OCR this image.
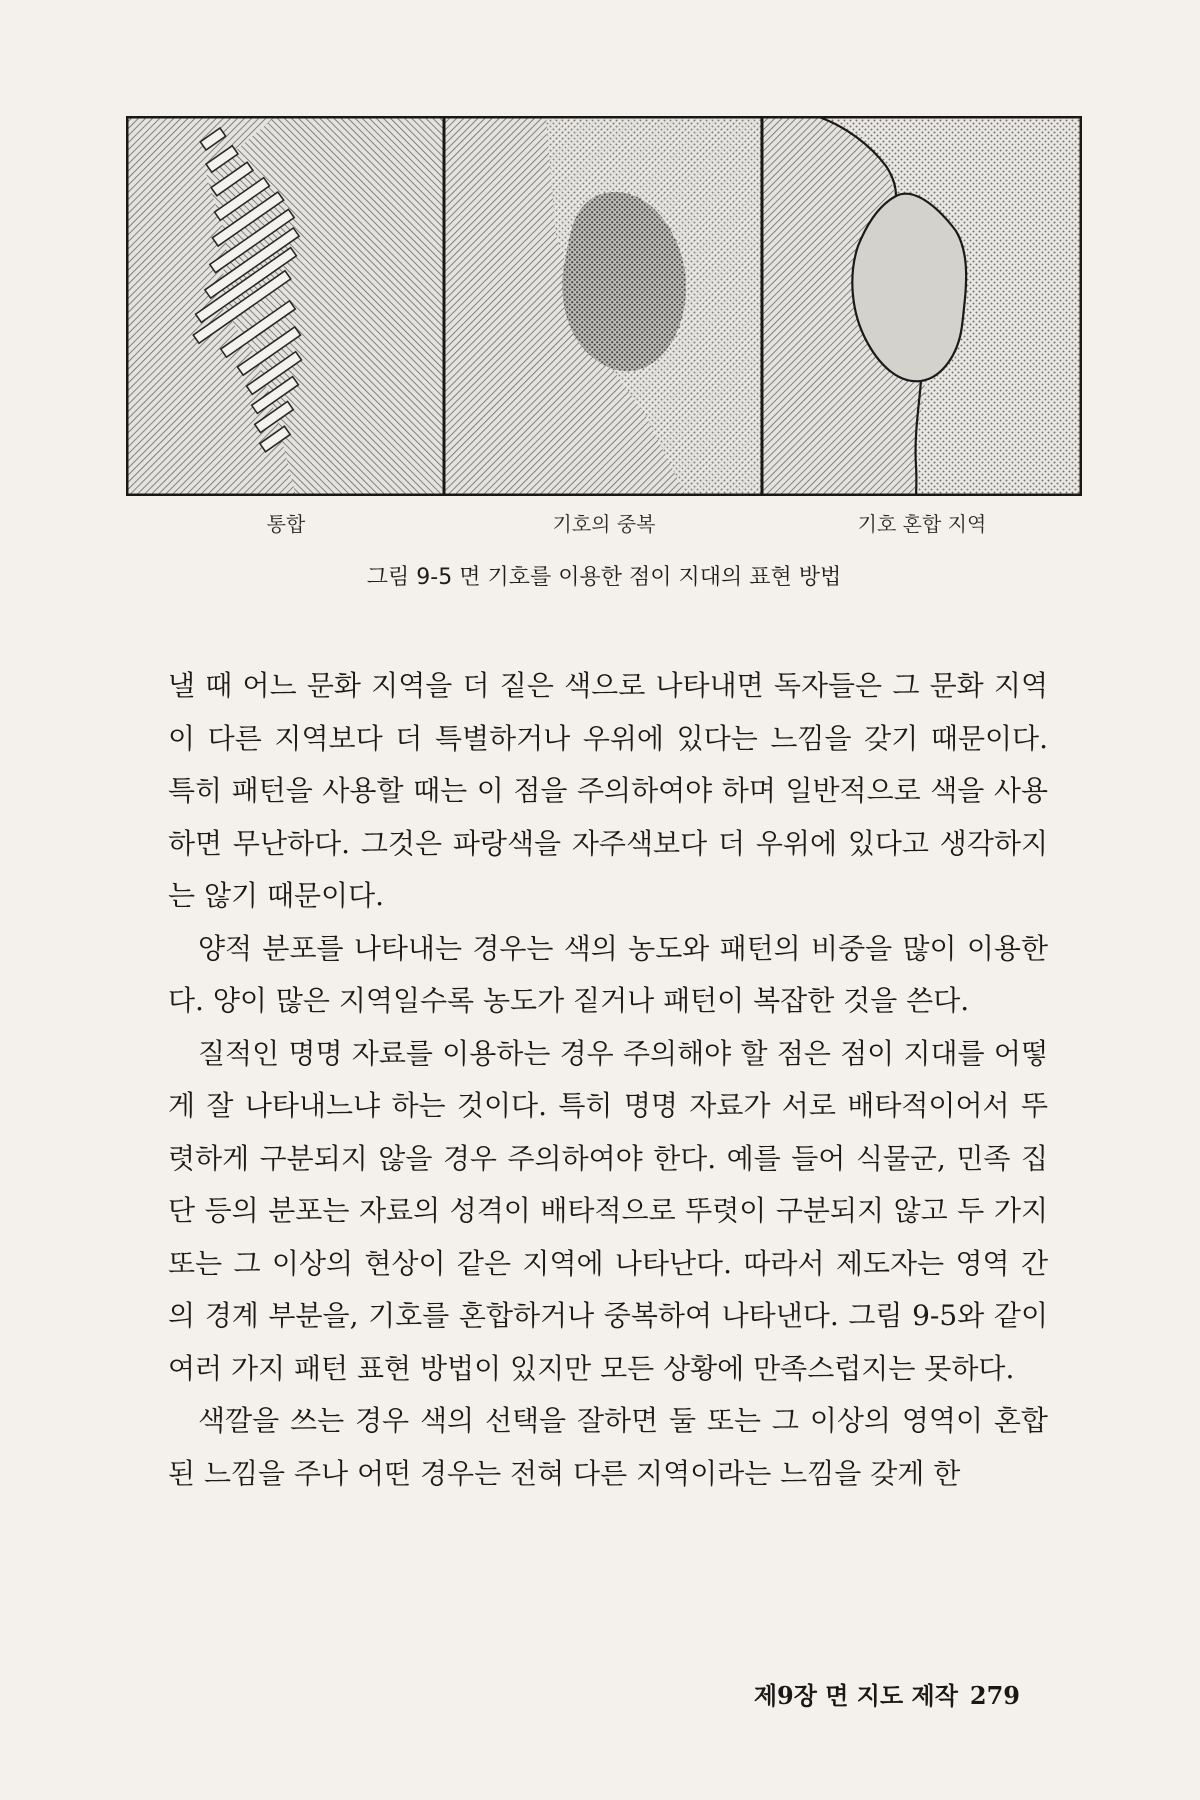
통합	기호의 중복	기호 혼합 지역
그림 9-5 면 기호를 이용한 점이 지대의 표현 방법

낼 때 어느 문화 지역을 더 짙은 색으로 나타내면 독자들은 그 문화 지역이 다른 지역보다 더 특별하거나 우위에 있다는 느낌을 갖기 때문이다. 특히 패턴을 사용할 때는 이 점을 주의하여야 하며 일반적으로 색을 사용하면 무난하다. 그것은 파랑색을 자주색보다 더 우위에 있다고 생각하지는 않기 때문이다.

양적 분포를 나타내는 경우는 색의 농도와 패턴의 비중을 많이 이용한다. 양이 많은 지역일수록 농도가 짙거나 패턴이 복잡한 것을 쓴다.

질적인 명명 자료를 이용하는 경우 주의해야 할 점은 점이 지대를 어떻게 잘 나타내느냐 하는 것이다. 특히 명명 자료가 서로 배타적이어서 뚜렷하게 구분되지 않을 경우 주의하여야 한다. 예를 들어 식물군, 민족 집단 등의 분포는 자료의 성격이 배타적으로 뚜렷이 구분되지 않고 두 가지 또는 그 이상의 현상이 같은 지역에 나타난다. 따라서 제도자는 영역 간의 경계 부분을, 기호를 혼합하거나 중복하여 나타낸다. 그림 9-5와 같이 여러 가지 패턴 표현 방법이 있지만 모든 상황에 만족스럽지는 못하다.

색깔을 쓰는 경우 색의 선택을 잘하면 둘 또는 그 이상의 영역이 혼합된 느낌을 주나 어떤 경우는 전혀 다른 지역이라는 느낌을 갖게 한

제9장 면 지도 제작 279
